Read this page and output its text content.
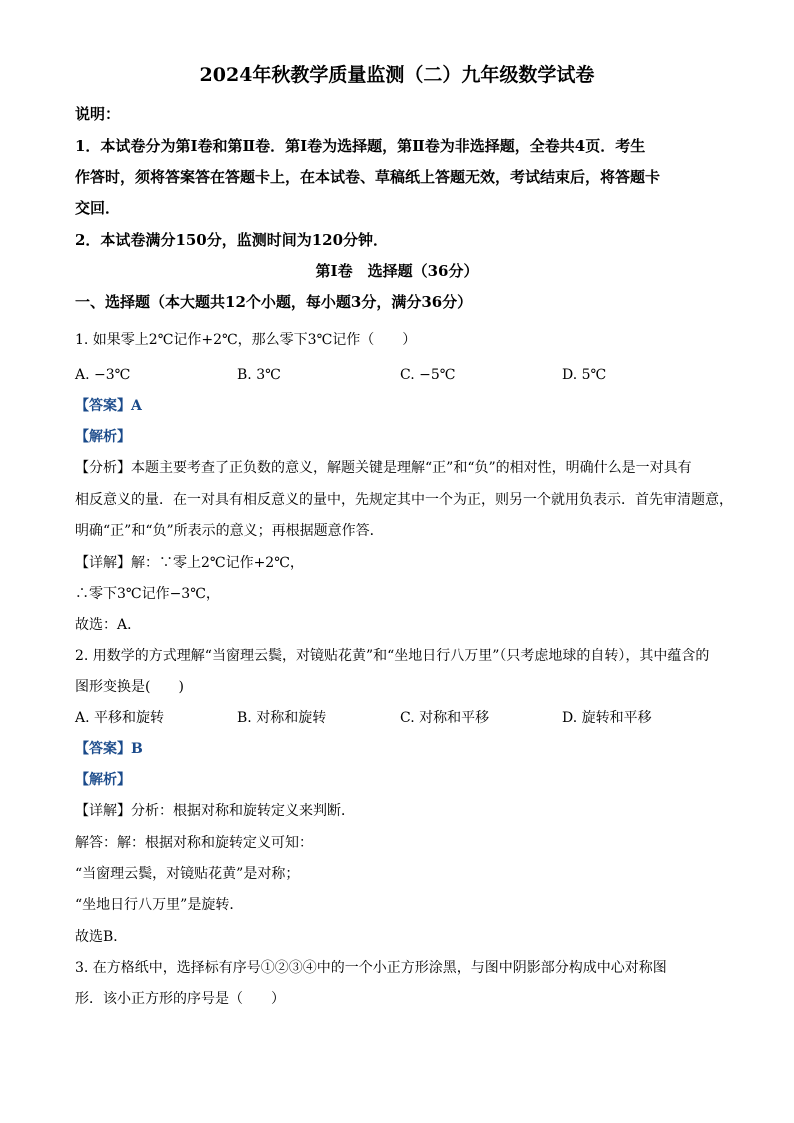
2024年秋教学质量监测（二）九年级数学试卷
说明：
1．本试卷分为第Ⅰ卷和第Ⅱ卷．第Ⅰ卷为选择题，第Ⅱ卷为非选择题，全卷共4页．考生
作答时，须将答案答在答题卡上，在本试卷、草稿纸上答题无效，考试结束后，将答题卡
交回．
2．本试卷满分150分，监测时间为120分钟．
第Ⅰ卷　选择题（36分）
一、选择题（本大题共12个小题，每小题3分，满分36分）
1. 如果零上2℃记作+2℃，那么零下3℃记作（　　）
A. −3℃	B. 3℃	C. −5℃	D. 5℃
【答案】A
【解析】
【分析】本题主要考查了正负数的意义，解题关键是理解“正”和“负”的相对性，明确什么是一对具有
相反意义的量．在一对具有相反意义的量中，先规定其中一个为正，则另一个就用负表示．首先审清题意，
明确“正”和“负”所表示的意义；再根据题意作答．
【详解】解：∵零上2℃记作+2℃，
∴零下3℃记作−3℃，
故选：A．
2. 用数学的方式理解“当窗理云鬓，对镜贴花黄”和“坐地日行八万里”（只考虑地球的自转），其中蕴含的
图形变换是(　　)
A. 平移和旋转	B. 对称和旋转	C. 对称和平移	D. 旋转和平移
【答案】B
【解析】
【详解】分析：根据对称和旋转定义来判断．
解答：解：根据对称和旋转定义可知：
“当窗理云鬓，对镜贴花黄”是对称；
“坐地日行八万里”是旋转．
故选B．
3. 在方格纸中，选择标有序号①②③④中的一个小正方形涂黑，与图中阴影部分构成中心对称图
形．该小正方形的序号是（　　）
